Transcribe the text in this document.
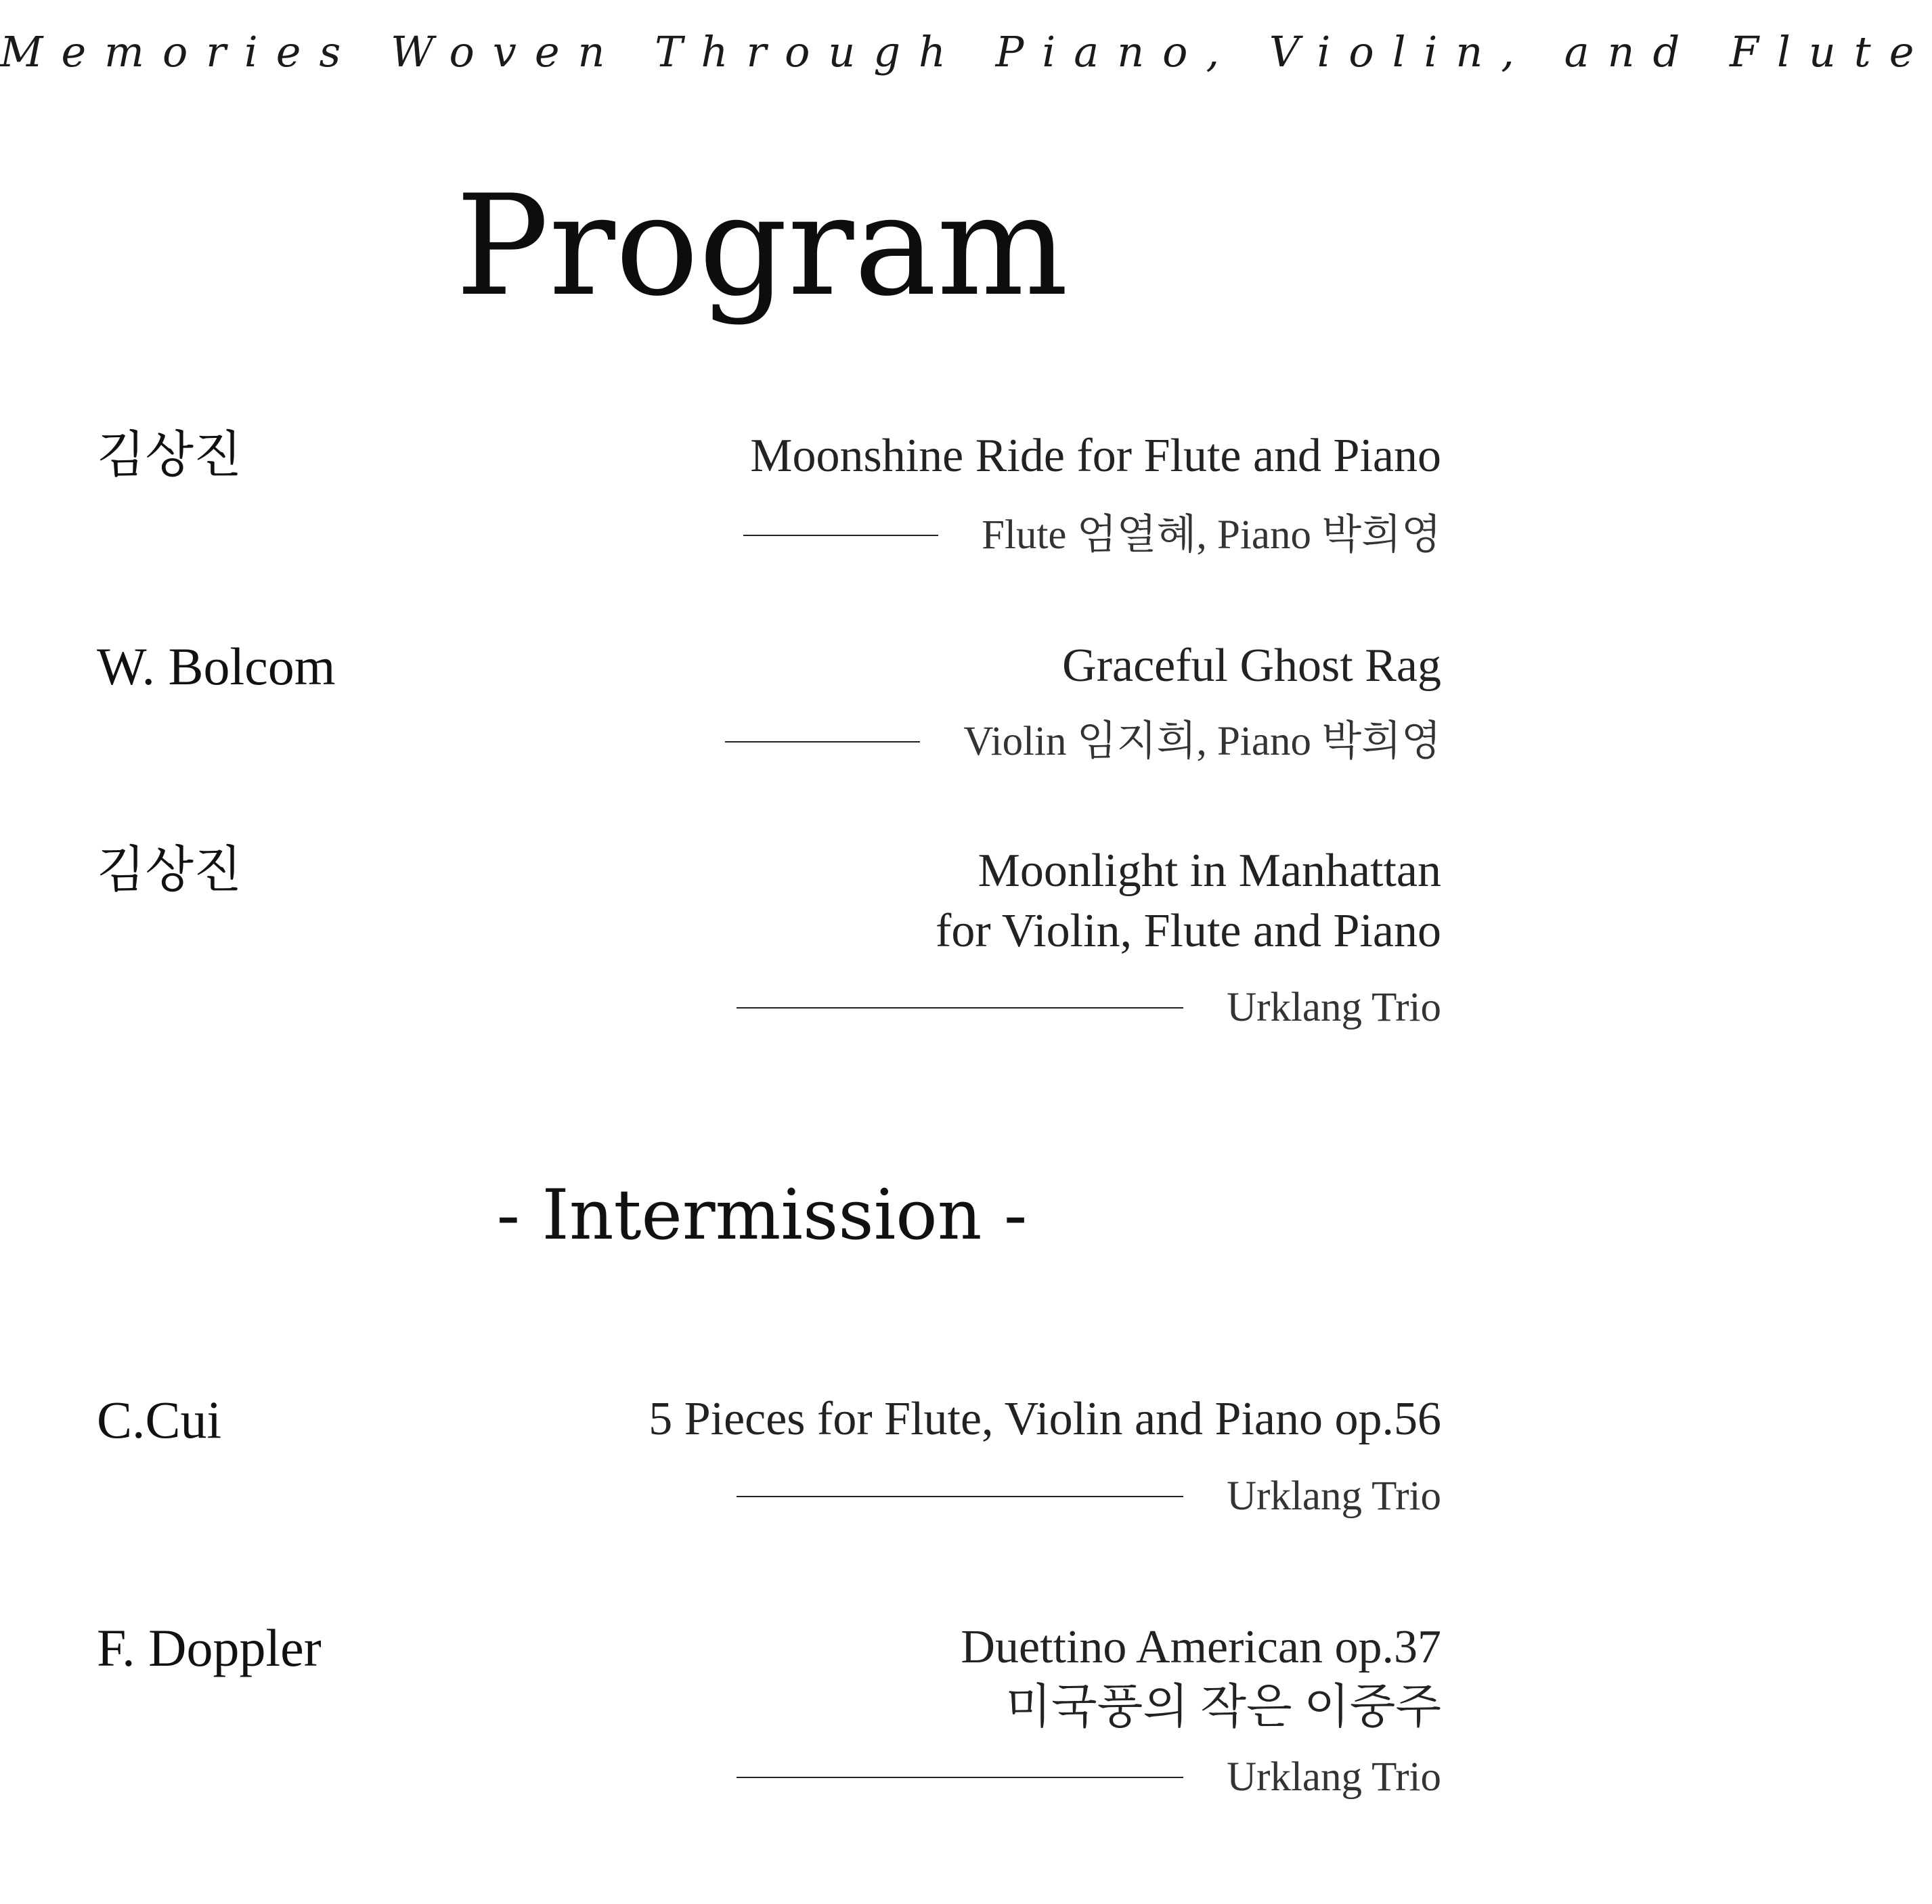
Memories Woven Through Piano, Violin, and Flute
Program
김상진	Moonshine Ride for Flute and Piano
Flute 엄열혜, Piano 박희영
W. Bolcom	Graceful Ghost Rag
Violin 임지희, Piano 박희영
김상진	Moonlight in Manhattan
for Violin, Flute and Piano
Urklang Trio
- Intermission -
C.Cui	5 Pieces for Flute, Violin and Piano op.56
Urklang Trio
F. Doppler	Duettino American op.37
미국풍의 작은 이중주
Urklang Trio
